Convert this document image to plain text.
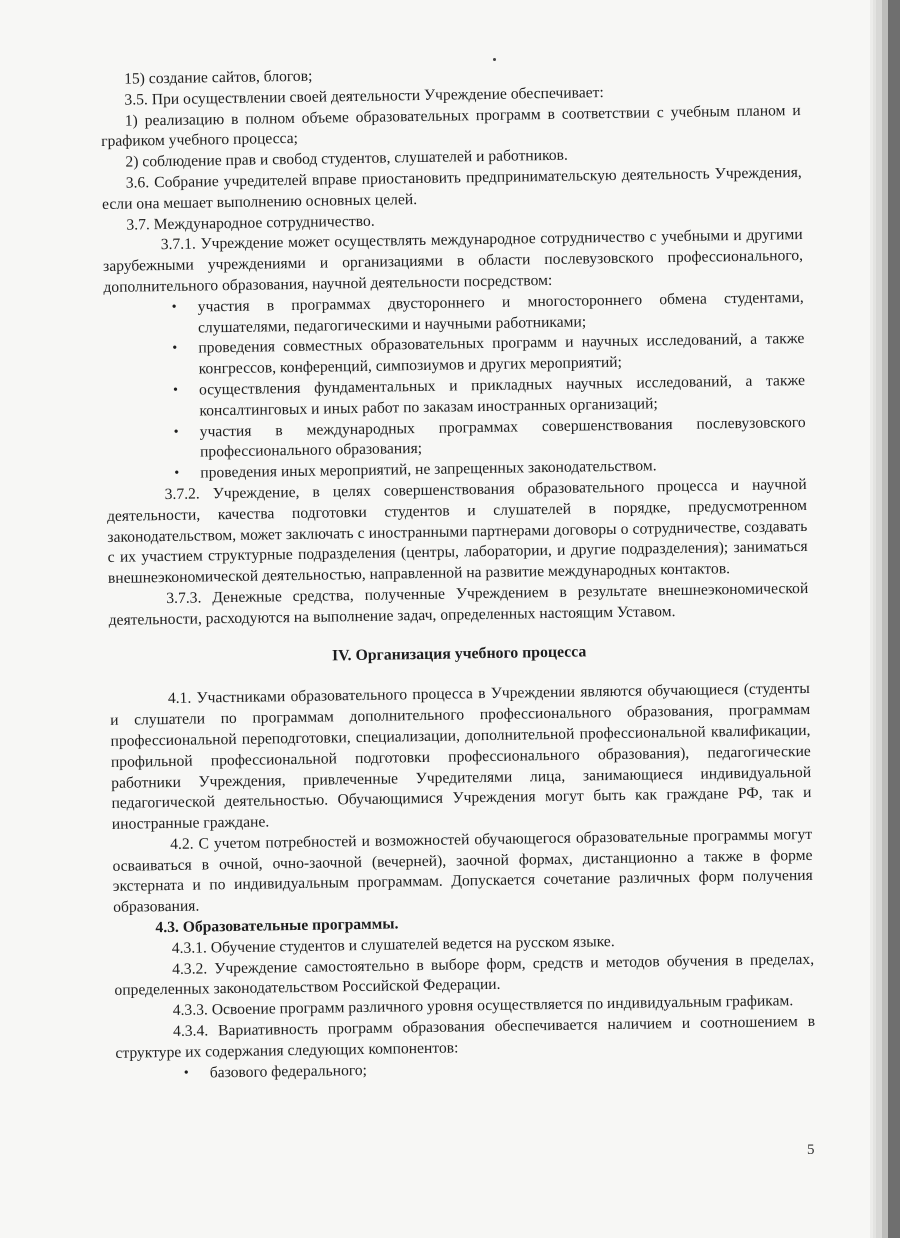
15) создание сайтов, блогов;

3.5. При осуществлении своей деятельности Учреждение обеспечивает:

1) реализацию в полном объеме образовательных программ в соответствии с учебным планом и графиком учебного процесса;

2) соблюдение прав и свобод студентов, слушателей и работников.

3.6. Собрание учредителей вправе приостановить предпринимательскую деятельность Учреждения, если она мешает выполнению основных целей.

3.7. Международное сотрудничество.

3.7.1. Учреждение может осуществлять международное сотрудничество с учебными и другими зарубежными учреждениями и организациями в области послевузовского профессионального, дополнительного образования, научной деятельности посредством:

• участия в программах двустороннего и многостороннего обмена студентами, слушателями, педагогическими и научными работниками;
• проведения совместных образовательных программ и научных исследований, а также конгрессов, конференций, симпозиумов и других мероприятий;
• осуществления фундаментальных и прикладных научных исследований, а также консалтинговых и иных работ по заказам иностранных организаций;
• участия в международных программах совершенствования послевузовского профессионального образования;
• проведения иных мероприятий, не запрещенных законодательством.

3.7.2. Учреждение, в целях совершенствования образовательного процесса и научной деятельности, качества подготовки студентов и слушателей в порядке, предусмотренном законодательством, может заключать с иностранными партнерами договоры о сотрудничестве, создавать с их участием структурные подразделения (центры, лаборатории, и другие подразделения); заниматься внешнеэкономической деятельностью, направленной на развитие международных контактов.

3.7.3. Денежные средства, полученные Учреждением в результате внешнеэкономической деятельности, расходуются на выполнение задач, определенных настоящим Уставом.

IV. Организация учебного процесса

4.1. Участниками образовательного процесса в Учреждении являются обучающиеся (студенты и слушатели по программам дополнительного профессионального образования, программам профессиональной переподготовки, специализации, дополнительной профессиональной квалификации, профильной профессиональной подготовки профессионального образования), педагогические работники Учреждения, привлеченные Учредителями лица, занимающиеся индивидуальной педагогической деятельностью. Обучающимися Учреждения могут быть как граждане РФ, так и иностранные граждане.

4.2. С учетом потребностей и возможностей обучающегося образовательные программы могут осваиваться в очной, очно-заочной (вечерней), заочной формах, дистанционно а также в форме экстерната и по индивидуальным программам. Допускается сочетание различных форм получения образования.

4.3. Образовательные программы.

4.3.1. Обучение студентов и слушателей ведется на русском языке.

4.3.2. Учреждение самостоятельно в выборе форм, средств и методов обучения в пределах, определенных законодательством Российской Федерации.

4.3.3. Освоение программ различного уровня осуществляется по индивидуальным графикам.

4.3.4. Вариативность программ образования обеспечивается наличием и соотношением в структуре их содержания следующих компонентов:

• базового федерального;
5
